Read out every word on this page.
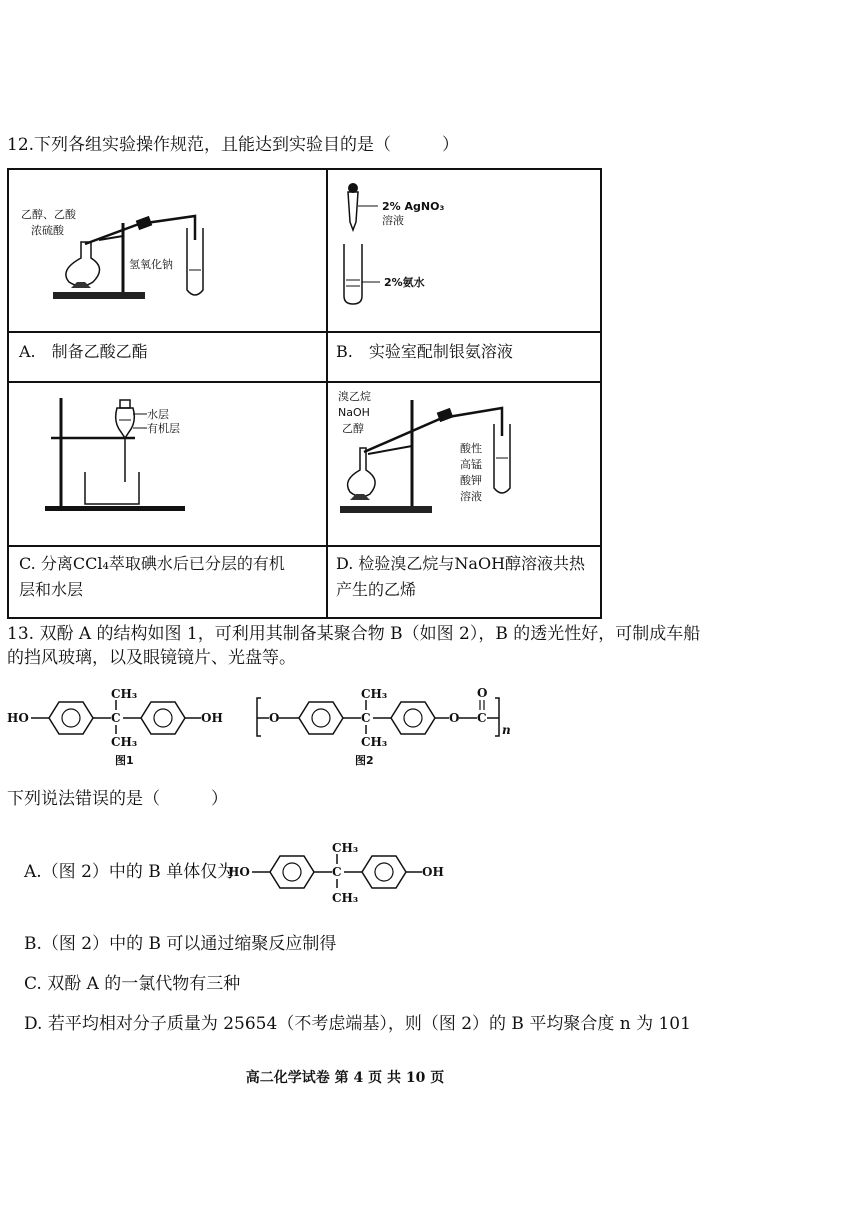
12.下列各组实验操作规范，且能达到实验目的是（　　　）
乙醇、乙酸
浓硫酸
氢氧化钠
2% AgNO₃
溶液
2%氨水
A.　制备乙酸乙酯	B.　实验室配制银氨溶液
水层
有机层
溴乙烷
NaOH
乙醇
酸性
高锰
酸钾
溶液
C. 分离CCl₄萃取碘水后已分层的有机
层和水层
D. 检验溴乙烷与NaOH醇溶液共热
产生的乙烯
13. 双酚 A 的结构如图 1，可利用其制备某聚合物 B（如图 2），B 的透光性好，可制成车船
的挡风玻璃，以及眼镜镜片、光盘等。
HO	C
CH₃
CH₃
OH
图1
O	C
CH₃
CH₃
O C
O
n
图2
下列说法错误的是（　　　）
A.（图 2）中的 B 单体仅为
HO	C
CH₃
CH₃
OH
B.（图 2）中的 B 可以通过缩聚反应制得
C. 双酚 A 的一氯代物有三种
D. 若平均相对分子质量为 25654（不考虑端基），则（图 2）的 B 平均聚合度 n 为 101
高二化学试卷 第 4 页 共 10 页
